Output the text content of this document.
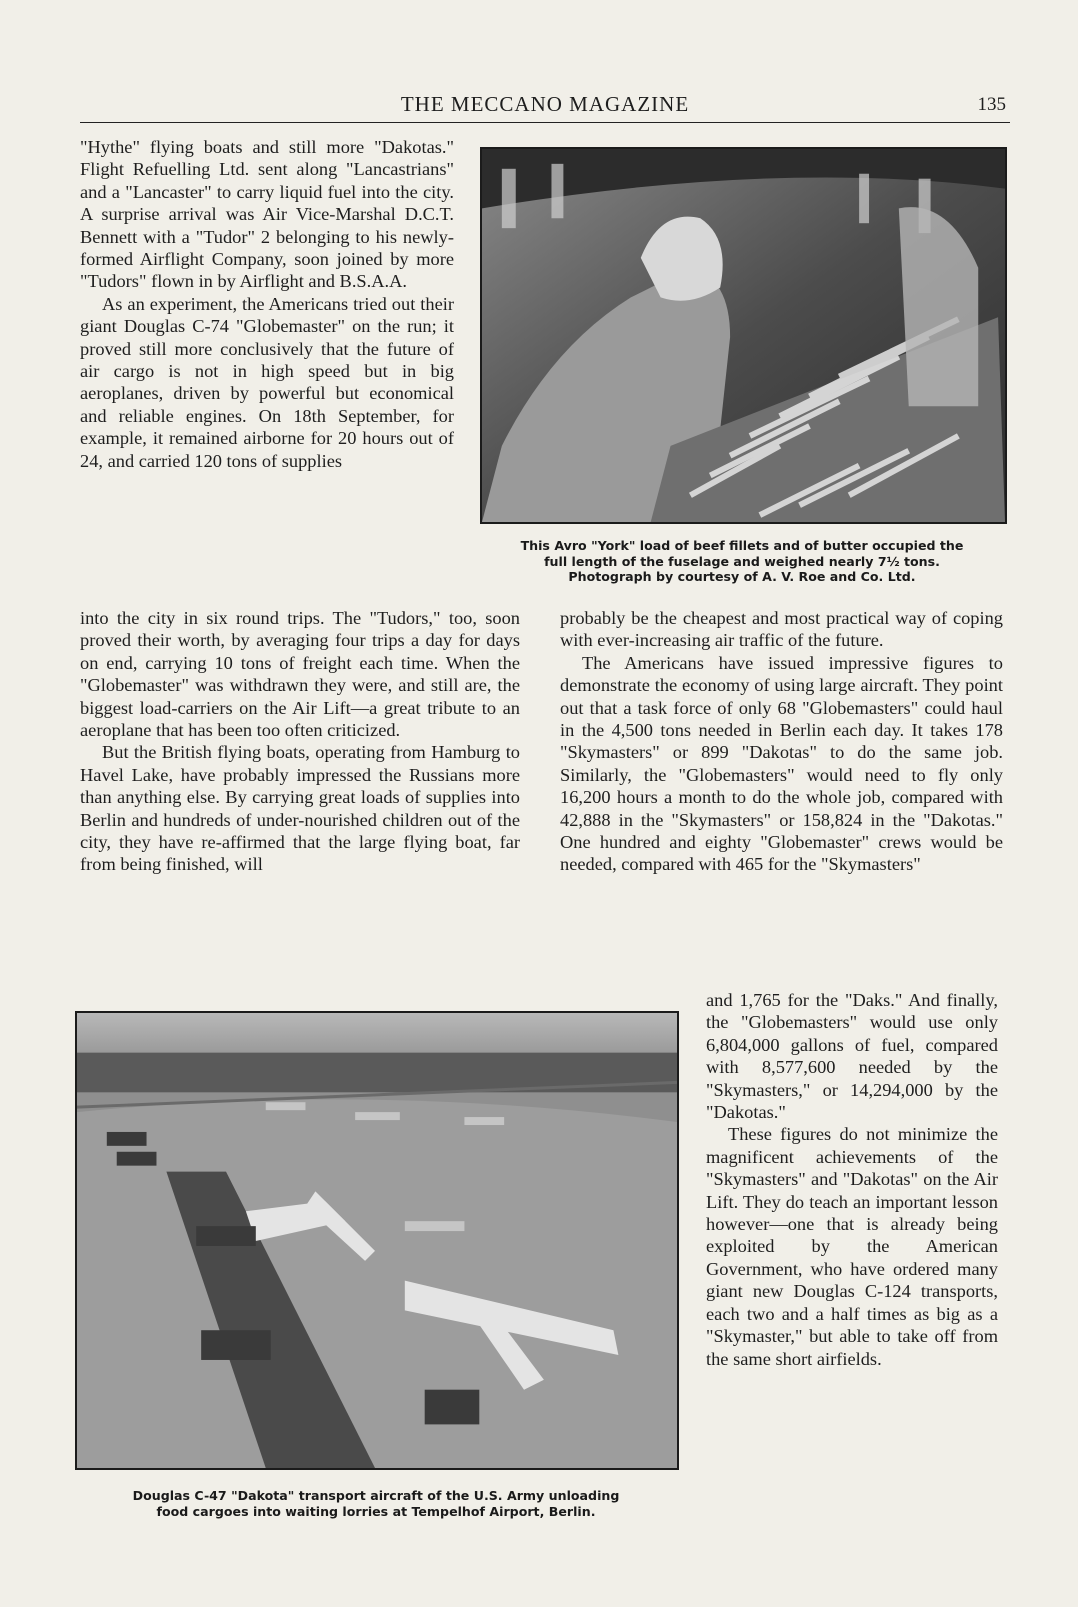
THE MECCANO MAGAZINE	135

"Hythe" flying boats and still more "Dakotas." Flight Refuelling Ltd. sent along "Lancastrians" and a "Lancaster" to carry liquid fuel into the city. A surprise arrival was Air Vice-Marshal D.C.T. Bennett with a "Tudor" 2 belonging to his newly-formed Airflight Company, soon joined by more "Tudors" flown in by Airflight and B.S.A.A.

As an experiment, the Americans tried out their giant Douglas C-74 "Globemaster" on the run; it proved still more conclusively that the future of air cargo is not in high speed but in big aeroplanes, driven by powerful but economical and reliable engines. On 18th September, for example, it remained airborne for 20 hours out of 24, and carried 120 tons of supplies

This Avro "York" load of beef fillets and of butter occupied the
full length of the fuselage and weighed nearly 7½ tons.
Photograph by courtesy of A. V. Roe and Co. Ltd.

into the city in six round trips. The "Tudors," too, soon proved their worth, by averaging four trips a day for days on end, carrying 10 tons of freight each time. When the "Globemaster" was withdrawn they were, and still are, the biggest load-carriers on the Air Lift—a great tribute to an aeroplane that has been too often criticized.

But the British flying boats, operating from Hamburg to Havel Lake, have probably impressed the Russians more than anything else. By carrying great loads of supplies into Berlin and hundreds of under-nourished children out of the city, they have re-affirmed that the large flying boat, far from being finished, will

probably be the cheapest and most practical way of coping with ever-increasing air traffic of the future.

The Americans have issued impressive figures to demonstrate the economy of using large aircraft. They point out that a task force of only 68 "Globemasters" could haul in the 4,500 tons needed in Berlin each day. It takes 178 "Skymasters" or 899 "Dakotas" to do the same job. Similarly, the "Globemasters" would need to fly only 16,200 hours a month to do the whole job, compared with 42,888 in the "Skymasters" or 158,824 in the "Dakotas." One hundred and eighty "Globemaster" crews would be needed, compared with 465 for the "Skymasters"

Douglas C-47 "Dakota" transport aircraft of the U.S. Army unloading
food cargoes into waiting lorries at Tempelhof Airport, Berlin.

and 1,765 for the "Daks." And finally, the "Globemasters" would use only 6,804,000 gallons of fuel, compared with 8,577,600 needed by the "Skymasters," or 14,294,000 by the "Dakotas."

These figures do not minimize the magnificent achievements of the "Skymasters" and "Dakotas" on the Air Lift. They do teach an important lesson however—one that is already being exploited by the American Government, who have ordered many giant new Douglas C-124 transports, each two and a half times as big as a "Skymaster," but able to take off from the same short airfields.
